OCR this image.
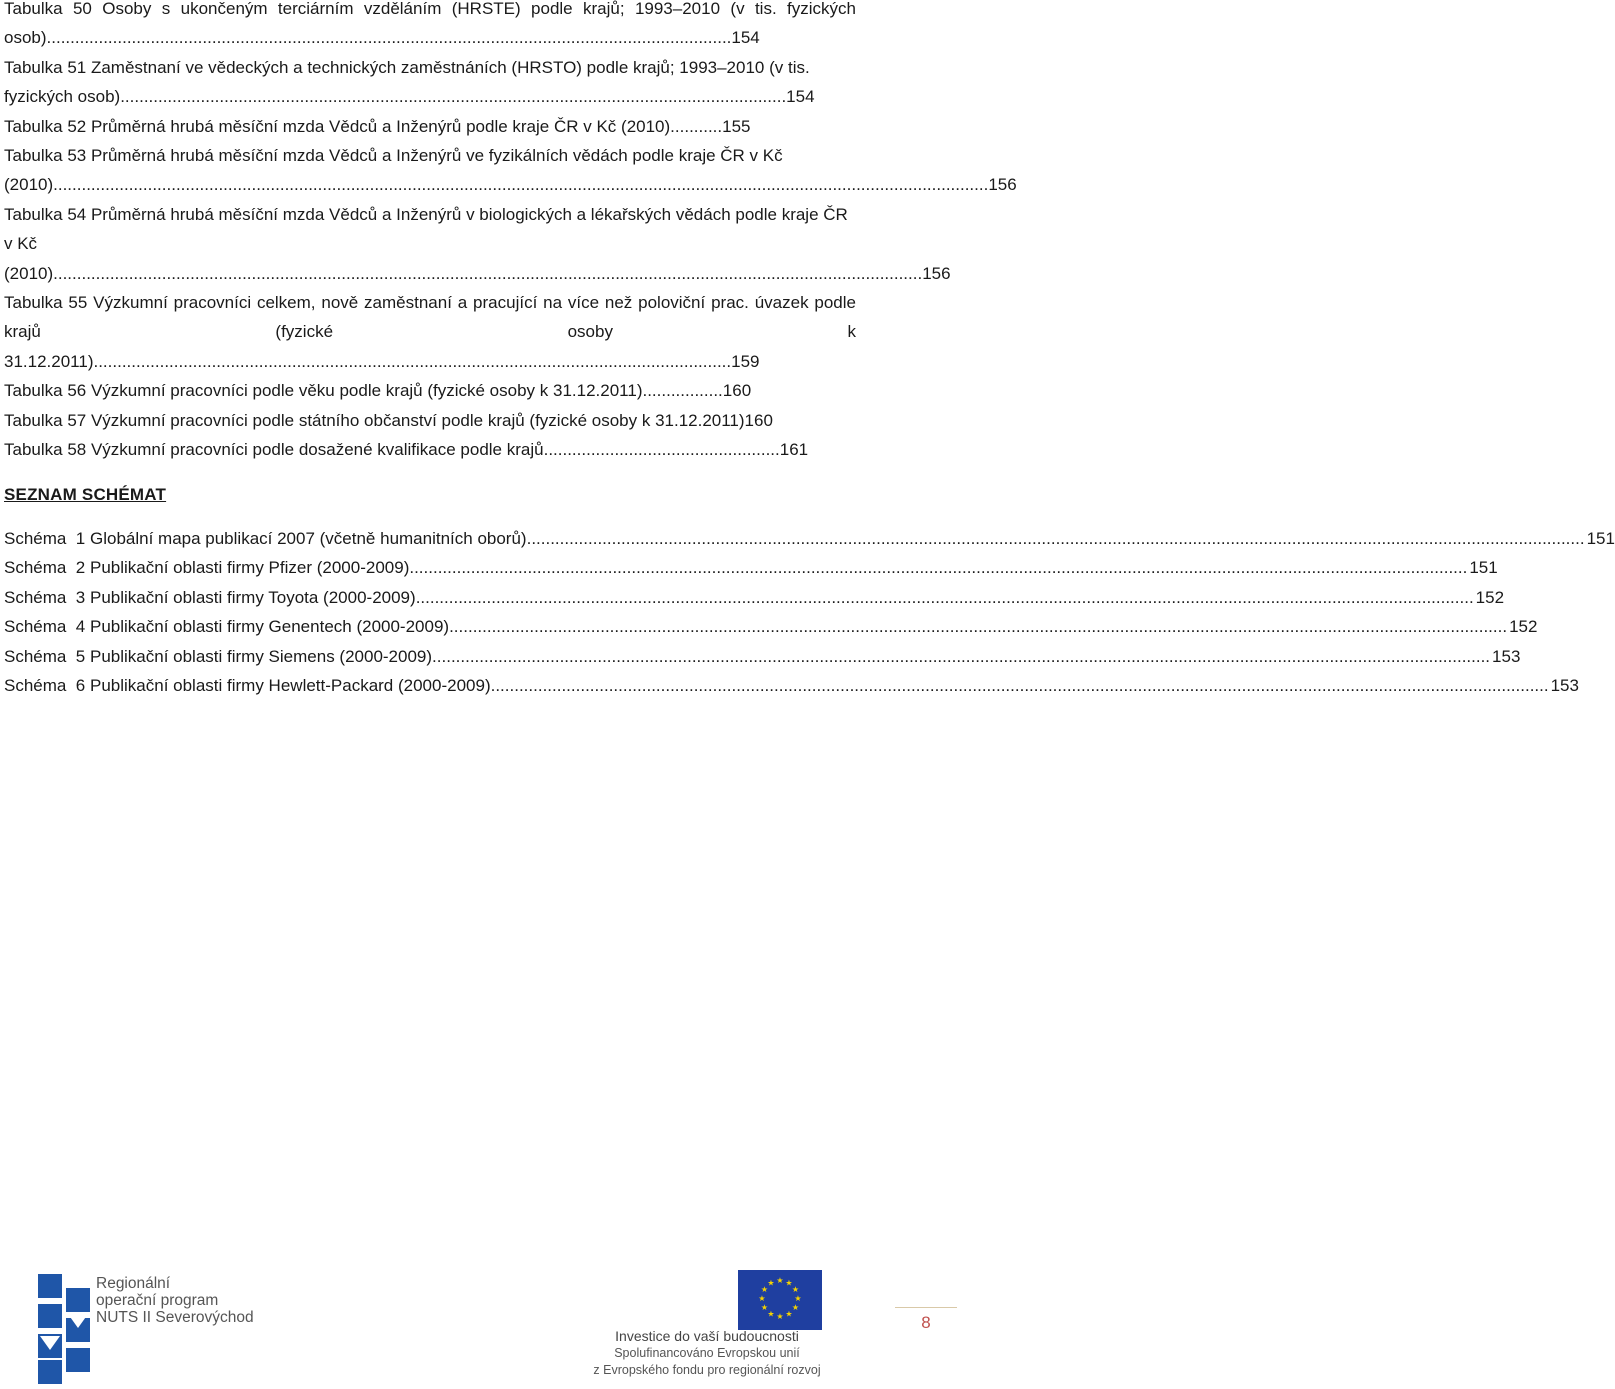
Tabulka 50 Osoby s ukončeným terciárním vzděláním (HRSTE) podle krajů; 1993–2010 (v tis. fyzických osob).................................................................................................................................................154
Tabulka 51 Zaměstnaní ve vědeckých a technických zaměstnáních (HRSTO) podle krajů; 1993–2010 (v tis. fyzických osob).............................................................................................................................................154
Tabulka 52 Průměrná hrubá měsíční mzda Vědců a Inženýrů podle kraje ČR v Kč (2010)...........155
Tabulka 53 Průměrná hrubá měsíční mzda Vědců a Inženýrů ve fyzikálních vědách podle kraje ČR v Kč (2010)......................................................................................................................................................................................................156
Tabulka 54 Průměrná hrubá měsíční mzda Vědců a Inženýrů v biologických a lékařských vědách podle kraje ČR v Kč (2010)........................................................................................................................................................................................156
Tabulka 55 Výzkumní pracovníci celkem, nově zaměstnaní a pracující na více než poloviční prac. úvazek podle krajů (fyzické osoby k 31.12.2011).......................................................................................................................................159
Tabulka 56 Výzkumní pracovníci podle věku podle krajů (fyzické osoby k 31.12.2011).................160
Tabulka 57 Výzkumní pracovníci podle státního občanství podle krajů (fyzické osoby k 31.12.2011)160
Tabulka 58 Výzkumní pracovníci podle dosažené kvalifikace podle krajů..................................................161
SEZNAM SCHÉMAT
Schéma  1 Globální mapa publikací 2007 (včetně humanitních oborů) .....	151
Schéma  2 Publikační oblasti firmy Pfizer (2000-2009) .....	151
Schéma  3 Publikační oblasti firmy Toyota (2000-2009) .....	152
Schéma  4 Publikační oblasti firmy Genentech (2000-2009) .....	152
Schéma  5 Publikační oblasti firmy Siemens (2000-2009) .....	153
Schéma  6 Publikační oblasti firmy Hewlett-Packard (2000-2009) .....	153
Regionální
operační program
NUTS II Severovýchod
★ ★
★
★
★
★
★
★
★
★
★
★
Investice do vaší budoucnosti
Spolufinancováno Evropskou unií
z Evropského fondu pro regionální rozvoj
8
